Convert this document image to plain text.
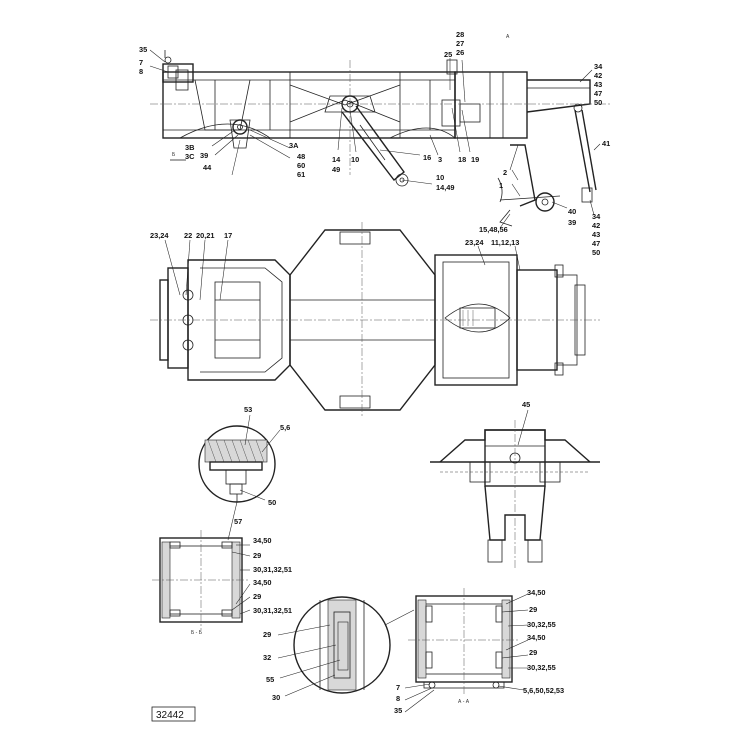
35
7
8
3В
3С 39
44
3А
48
60
61
14
49
10	16 3 18 19
28
27
26
25
34
42
43
47
50
41
2
1
10
14,49
15,48,56
40
39
34
42
43
47
50
23,24 22 20,21 17
23,24 11,12,13
53
5,6
50
57
45
34,50
29
30,31,32,51
34,50
29
30,31,32,51
Б - Б	29
32
55
30
34,50
29
30,32,55
34,50
29
30,32,55
5,6,50,52,53
7
8
35
А - А
Б
А
32442
